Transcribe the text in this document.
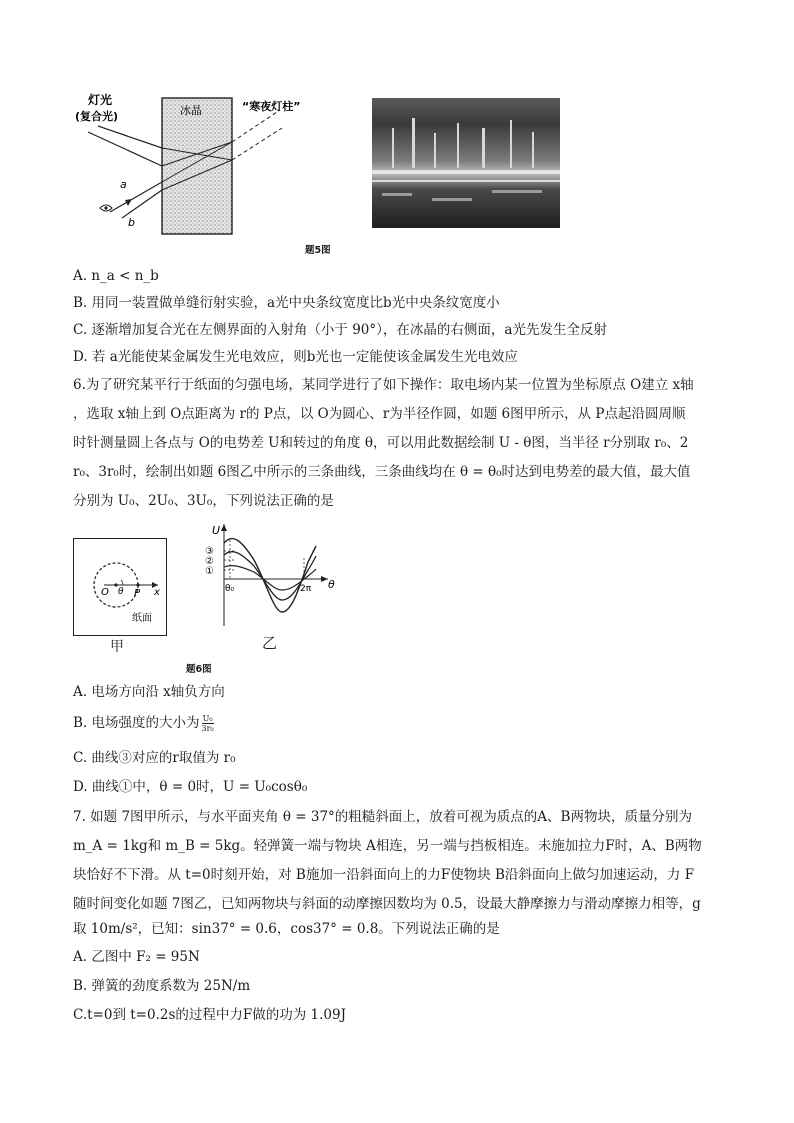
灯光
(复合光)	冰晶	“寒夜灯柱”
a
b
题5图
A. n_a < n_b
B. 用同一装置做单缝衍射实验，a光中央条纹宽度比b光中央条纹宽度小
C. 逐渐增加复合光在左侧界面的入射角（小于 90°），在冰晶的右侧面，a光先发生全反射
D. 若 a光能使某金属发生光电效应，则b光也一定能使该金属发生光电效应
6.为了研究某平行于纸面的匀强电场，某同学进行了如下操作：取电场内某一位置为坐标原点 O建立 x轴
，选取 x轴上到 O点距离为 r的 P点，以 O为圆心、r为半径作圆，如题 6图甲所示，从 P点起沿圆周顺
时针测量圆上各点与 O的电势差 U和转过的角度 θ，可以用此数据绘制 U - θ图，当半径 r分别取 r₀、2
r₀、3r₀时，绘制出如题 6图乙中所示的三条曲线，三条曲线均在 θ = θ₀时达到电势差的最大值，最大值
分别为 U₀、2U₀、3U₀，下列说法正确的是
O θ P x
纸面
甲
U
θ
θ₀	2π
③
②
①
乙
题6图
A. 电场方向沿 x轴负方向
B. 电场强度的大小为 $\frac{\text{U₀}}{\text{3r₀}}$
C. 曲线③对应的r取值为 r₀
D. 曲线①中，θ = 0时，U = U₀cosθ₀
7. 如题 7图甲所示，与水平面夹角 θ = 37°的粗糙斜面上，放着可视为质点的A、B两物块，质量分别为
m_A = 1kg和 m_B = 5kg。轻弹簧一端与物块 A相连，另一端与挡板相连。未施加拉力F时，A、B两物
块恰好不下滑。从 t=0时刻开始，对 B施加一沿斜面向上的力F使物块 B沿斜面向上做匀加速运动，力 F
随时间变化如题 7图乙，已知两物块与斜面的动摩擦因数均为 0.5，设最大静摩擦力与滑动摩擦力相等，g
取 10m/s²，已知：sin37° = 0.6，cos37° = 0.8。下列说法正确的是
A. 乙图中 F₂ = 95N
B. 弹簧的劲度系数为 25N/m
C.t=0到 t=0.2s的过程中力F做的功为 1.09J
